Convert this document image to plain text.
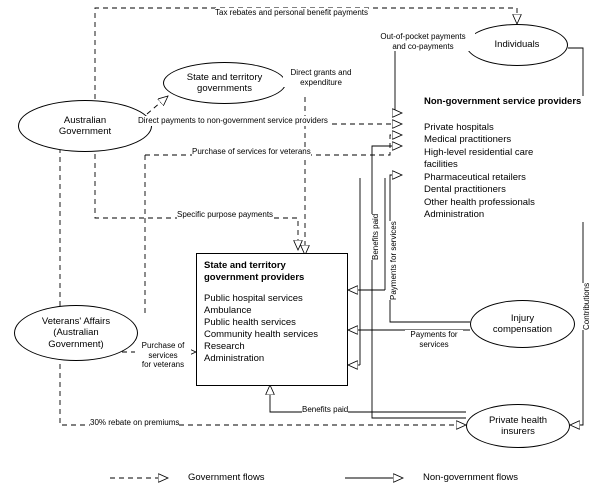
Australian
Government
State and territory
governments
Individuals
Veterans' Affairs
(Australian
Government)
Injury
compensation
Private health
insurers
Non-government service providers
Private hospitals
Medical practitioners
High-level residential care facilities
Pharmaceutical retailers
Dental practitioners
Other health professionals
Administration
State and territory
government providers
Public hospital services
Ambulance
Public health services
Community health services
Research
Administration
Tax rebates and personal benefit payments
Out-of-pocket payments
and co-payments
Direct grants and
expenditure
Direct payments to non-government service providers
Purchase of services for veterans
Specific purpose payments
Purchase of
services
for veterans
Benefits paid Payments for services
Contributions
Payments for
services
Benefits paid
30% rebate on premiums
Government flows	Non-government flows
